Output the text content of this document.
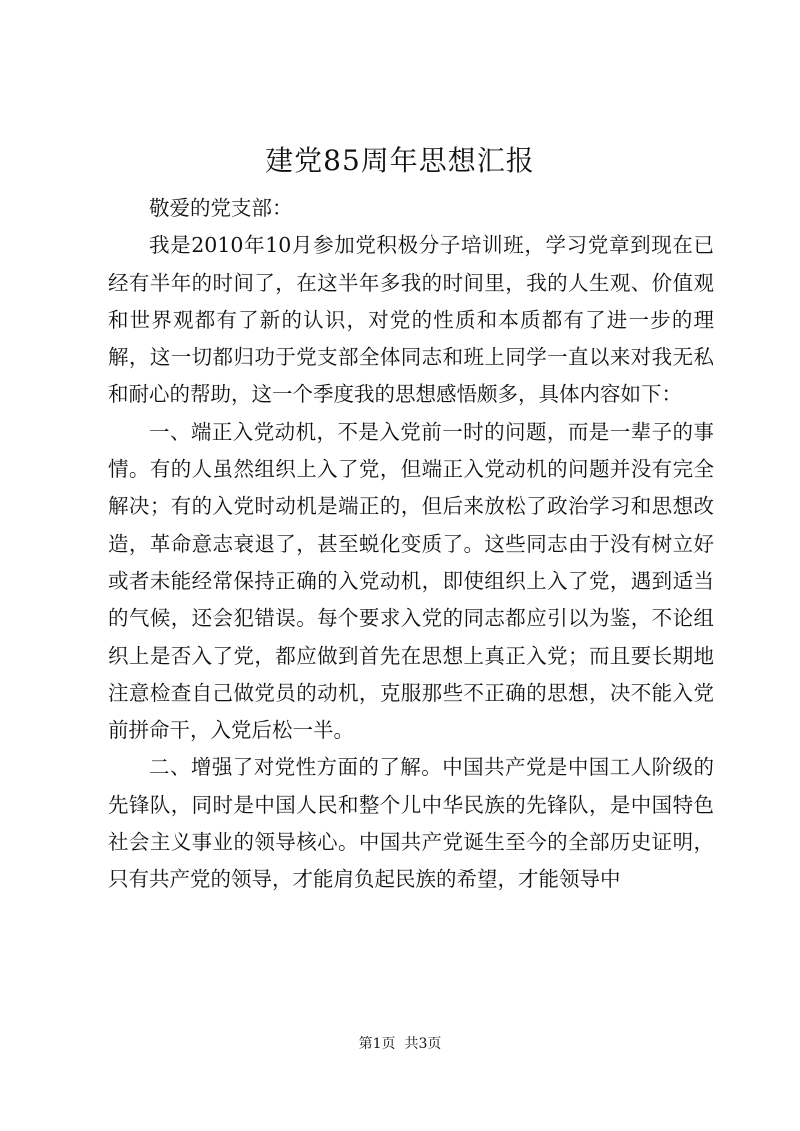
建党85周年思想汇报

敬爱的党支部：

我是2010年10月参加党积极分子培训班，学习党章到现在已经有半年的时间了，在这半年多我的时间里，我的人生观、价值观和世界观都有了新的认识，对党的性质和本质都有了进一步的理解，这一切都归功于党支部全体同志和班上同学一直以来对我无私和耐心的帮助，这一个季度我的思想感悟颇多，具体内容如下：

一、端正入党动机，不是入党前一时的问题，而是一辈子的事情。有的人虽然组织上入了党，但端正入党动机的问题并没有完全解决；有的入党时动机是端正的，但后来放松了政治学习和思想改造，革命意志衰退了，甚至蜕化变质了。这些同志由于没有树立好或者未能经常保持正确的入党动机，即使组织上入了党，遇到适当的气候，还会犯错误。每个要求入党的同志都应引以为鉴，不论组织上是否入了党，都应做到首先在思想上真正入党；而且要长期地注意检查自己做党员的动机，克服那些不正确的思想，决不能入党前拼命干，入党后松一半。

二、增强了对党性方面的了解。中国共产党是中国工人阶级的先锋队，同时是中国人民和整个儿中华民族的先锋队，是中国特色社会主义事业的领导核心。中国共产党诞生至今的全部历史证明，只有共产党的领导，才能肩负起民族的希望，才能领导中

第1页 共3页
